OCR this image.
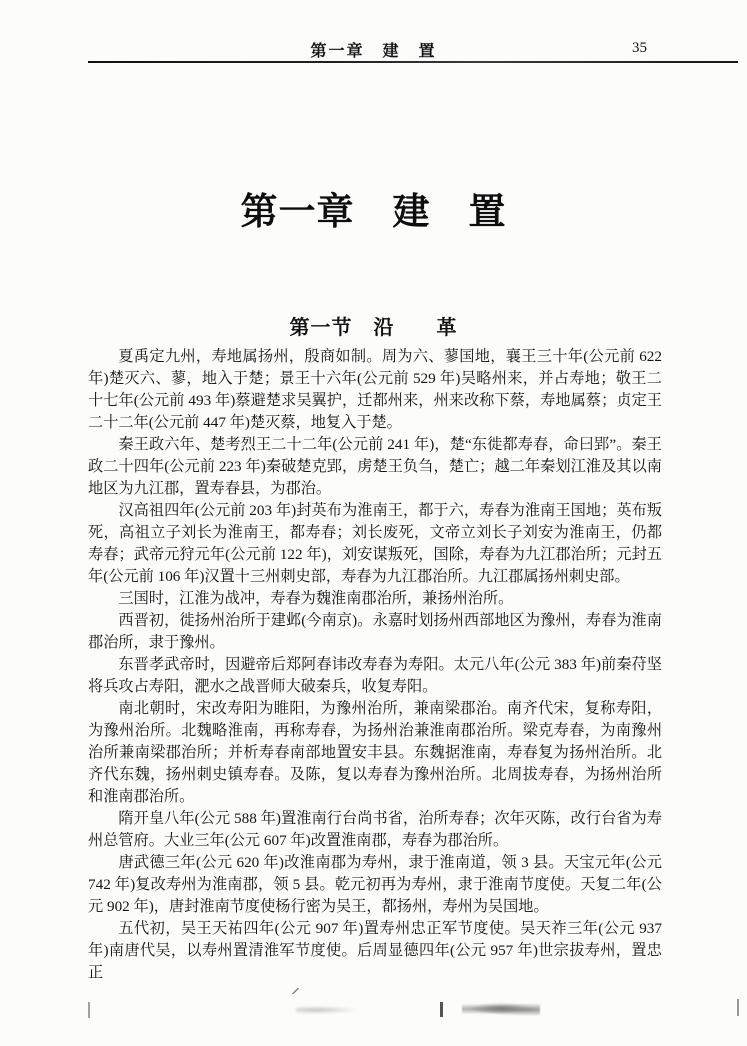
第一章　建　置	35
第一章　建　置
第一节　沿　　革

夏禹定九州，寿地属扬州，殷商如制。周为六、蓼国地，襄王三十年(公元前 622 年)楚灭六、蓼，地入于楚；景王十六年(公元前 529 年)吴略州来，并占寿地；敬王二十七年(公元前 493 年)蔡避楚求吴翼护，迁都州来，州来改称下蔡，寿地属蔡；贞定王二十二年(公元前 447 年)楚灭蔡，地复入于楚。

秦王政六年、楚考烈王二十二年(公元前 241 年)，楚“东徙都寿春，命曰郢”。秦王政二十四年(公元前 223 年)秦破楚克郢，虏楚王负刍，楚亡；越二年秦划江淮及其以南地区为九江郡，置寿春县，为郡治。

汉高祖四年(公元前 203 年)封英布为淮南王，都于六，寿春为淮南王国地；英布叛死，高祖立子刘长为淮南王，都寿春；刘长废死，文帝立刘长子刘安为淮南王，仍都寿春；武帝元狩元年(公元前 122 年)，刘安谋叛死，国除，寿春为九江郡治所；元封五年(公元前 106 年)汉置十三州刺史部，寿春为九江郡治所。九江郡属扬州刺史部。

三国时，江淮为战冲，寿春为魏淮南郡治所，兼扬州治所。

西晋初，徙扬州治所于建邺(今南京)。永嘉时划扬州西部地区为豫州，寿春为淮南郡治所，隶于豫州。

东晋孝武帝时，因避帝后郑阿春讳改寿春为寿阳。太元八年(公元 383 年)前秦苻坚将兵攻占寿阳，淝水之战晋师大破秦兵，收复寿阳。

南北朝时，宋改寿阳为睢阳，为豫州治所，兼南梁郡治。南齐代宋，复称寿阳，为豫州治所。北魏略淮南，再称寿春，为扬州治兼淮南郡治所。梁克寿春，为南豫州治所兼南梁郡治所；并析寿春南部地置安丰县。东魏据淮南，寿春复为扬州治所。北齐代东魏，扬州刺史镇寿春。及陈，复以寿春为豫州治所。北周拔寿春，为扬州治所和淮南郡治所。

隋开皇八年(公元 588 年)置淮南行台尚书省，治所寿春；次年灭陈，改行台省为寿州总管府。大业三年(公元 607 年)改置淮南郡，寿春为郡治所。

唐武德三年(公元 620 年)改淮南郡为寿州，隶于淮南道，领 3 县。天宝元年(公元 742 年)复改寿州为淮南郡，领 5 县。乾元初再为寿州，隶于淮南节度使。天复二年(公元 902 年)，唐封淮南节度使杨行密为吴王，都扬州，寿州为吴国地。

五代初，吴王天祐四年(公元 907 年)置寿州忠正军节度使。吴天祚三年(公元 937 年)南唐代吴，以寿州置清淮军节度使。后周显德四年(公元 957 年)世宗拔寿州，置忠正
